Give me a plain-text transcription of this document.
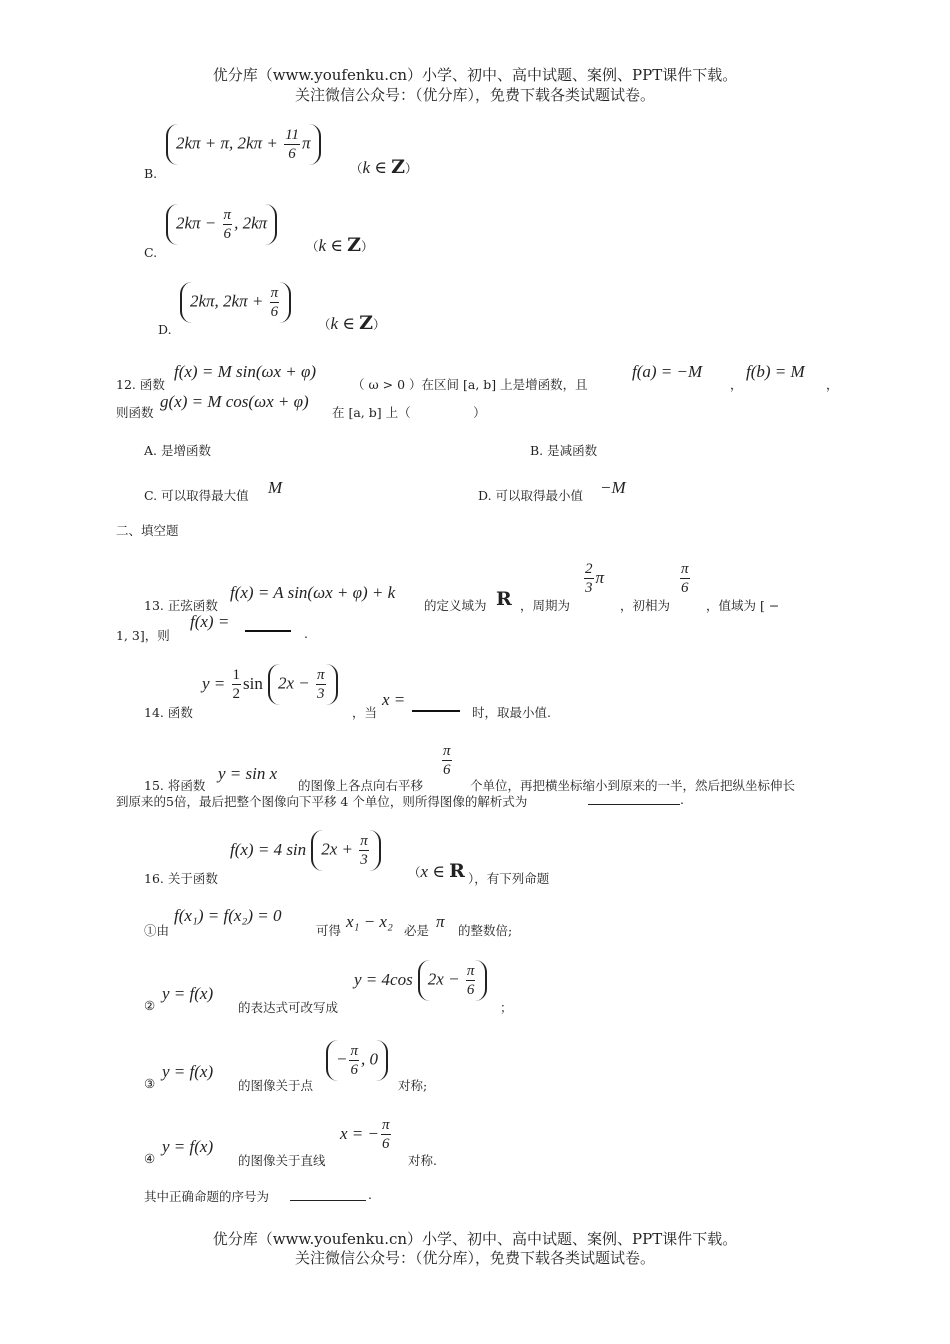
优分库（www.youfenku.cn）小学、初中、高中试题、案例、PPT课件下载。
关注微信公众号：（优分库），免费下载各类试题试卷。
B.
2kπ + π, $2k\pi + \frac{11}{6}$ π
（k ∈ Z）
C.
$2k\pi - \frac{\pi}{6}$ , 2kπ
（k ∈ Z）
D.
2kπ, $2k\pi + \frac{\pi}{6}$
（k ∈ Z）
12. 函数
f(x) = M sin(ωx + φ)
（ ω > 0 ）在区间 [a, b] 上是增函数，且
f(a) = −M
，
f(b) = M
，
则函数
g(x) = M cos(ωx + φ)
在 [a, b] 上（　　　　　）
A. 是增函数	B. 是减函数
C. 可以取得最大值 M	D. 可以取得最小值 −M
二、填空题
13. 正弦函数
f(x) = A sin(ωx + φ) + k
的定义域为 R ，周期为
$\frac{2}{3}$ π
，初相为
$\frac{\pi}{6}$
，值域为 [ −
1, 3]，则
f(x) =
.
14. 函数
$y = \frac{1}{2}$ $\sin 2x - \frac{\pi}{3}$
，当
x =
时，取最小值.
15. 将函数
y = sin x
的图像上各点向右平移
$\frac{\pi}{6}$
个单位，再把横坐标缩小到原来的一半，然后把纵坐标伸长
到原来的5倍，最后把整个图像向下平移 4 个单位，则所得图像的解析式为	.
16. 关于函数
f(x) = 4 $\sin 2x + \frac{\pi}{3}$
（x ∈ R ），有下列命题
①由
f(x₁) = f(x₂) = 0
可得 x₁ − x₂ 必是 π 的整数倍;
②
y = f(x)
的表达式可改写成
y = 4cos $2x - \frac{\pi}{6}$
；
③
y = f(x)
的图像关于点
− $\frac{\pi}{6}$ , 0
对称;
④
y = f(x)
的图像关于直线
x = − $\frac{\pi}{6}$
对称.
其中正确命题的序号为	.
优分库（www.youfenku.cn）小学、初中、高中试题、案例、PPT课件下载。
关注微信公众号：（优分库），免费下载各类试题试卷。
